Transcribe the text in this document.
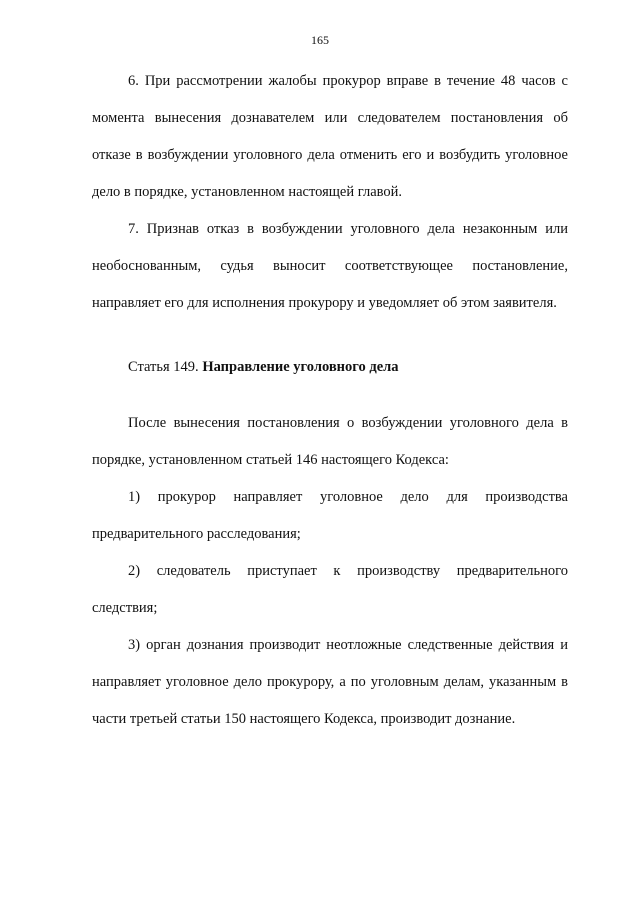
165

6. При рассмотрении жалобы прокурор вправе в течение 48 часов с момента вынесения дознавателем или следователем постановления об отказе в возбуждении уголовного дела отменить его и возбудить уголовное дело в порядке, установленном настоящей главой.

7. Признав отказ в возбуждении уголовного дела незаконным или необоснованным, судья выносит соответствующее постановление, направляет его для исполнения прокурору и уведомляет об этом заявителя.

Статья 149. Направление уголовного дела

После вынесения постановления о возбуждении уголовного дела в порядке, установленном статьей 146 настоящего Кодекса:

1) прокурор направляет уголовное дело для производства предварительного расследования;

2) следователь приступает к производству предварительного следствия;

3) орган дознания производит неотложные следственные действия и направляет уголовное дело прокурору, а по уголовным делам, указанным в части третьей статьи 150 настоящего Кодекса, производит дознание.
